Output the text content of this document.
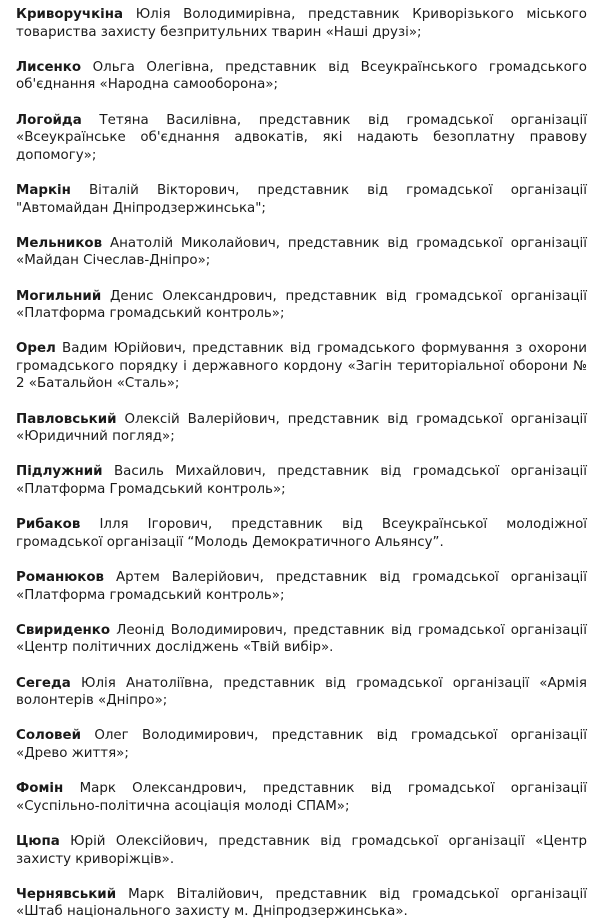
Криворучкіна Юлія Володимирівна, представник Криворізького міського товариства захисту безпритульних тварин «Наші друзі»;

Лисенко Ольга Олегівна, представник від Всеукраїнського громадського об'єднання «Народна самооборона»;

Логойда Тетяна Василівна, представник від громадської організації «Всеукраїнське об'єднання адвокатів, які надають безоплатну правову допомогу»;

Маркін Віталій Вікторович, представник від громадської організації "Автомайдан Дніпродзержинська";

Мельников Анатолій Миколайович, представник від громадської організації «Майдан Січеслав-Дніпро»;

Могильний Денис Олександрович, представник від громадської організації «Платформа громадський контроль»;

Орел Вадим Юрійович, представник від громадського формування з охорони громадського порядку і державного кордону «Загін територіальної оборони № 2 «Батальйон «Сталь»;

Павловський Олексій Валерійович, представник від громадської організації «Юридичний погляд»;

Підлужний Василь Михайлович, представник від громадської організації «Платформа Громадський контроль»;

Рибаков Ілля Ігорович, представник від Всеукраїнської молодіжної громадської організації “Молодь Демократичного Альянсу”.

Романюков Артем Валерійович, представник від громадської організації «Платформа громадський контроль»;

Свириденко Леонід Володимирович, представник від громадської організації «Центр політичних досліджень «Твій вибір».

Сегеда Юлія Анатоліївна, представник від громадської організації «Армія волонтерів «Дніпро»;

Соловей Олег Володимирович, представник від громадської організації «Древо життя»;

Фомін Марк Олександрович, представник від громадської організації «Суспільно-політична асоціація молоді СПАМ»;

Цюпа Юрій Олексійович, представник від громадської організації «Центр захисту криворіжців».

Чернявський Марк Віталійович, представник від громадської організації «Штаб національного захисту м. Дніпродзержинська».
